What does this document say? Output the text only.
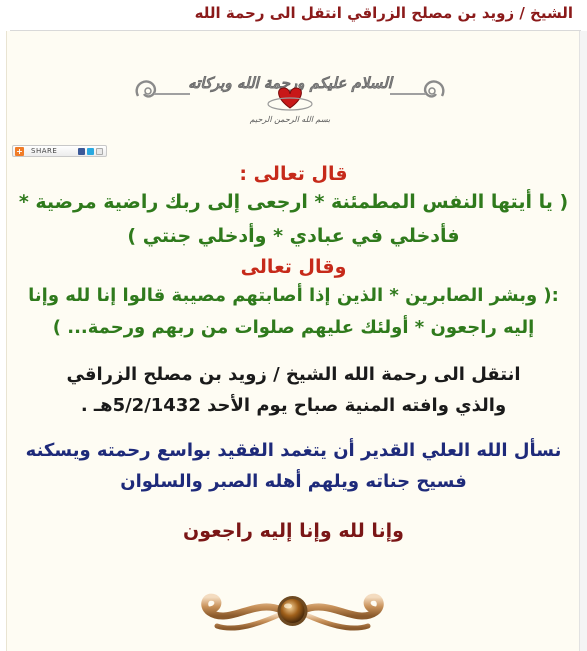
الشيخ / زويد بن مصلح الزراقي انتقل الى رحمة الله
السلام عليكم ورحمة الله وبركاته
بسم الله الرحمن الرحيم
+ SHARE
قال تعالى :
( يا أيتها النفس المطمئنة * ارجعى إلى ربك راضية مرضية *
فأدخلي في عبادي * وأدخلي جنتي )
وقال تعالى
:( وبشر الصابرين * الذين إذا أصابتهم مصيبة قالوا إنا لله وإنا
إليه راجعون * أولئك عليهم صلوات من ربهم ورحمة... )
انتقل الى رحمة الله الشيخ / زويد بن مصلح الزراقي
والذي وافته المنية صباح يوم الأحد 5/2/1432هـ .
نسأل الله العلي القدير أن يتغمد الفقيد بواسع رحمته ويسكنه
فسيح جناته ويلهم أهله الصبر والسلوان
وإنا لله وإنا إليه راجعون
